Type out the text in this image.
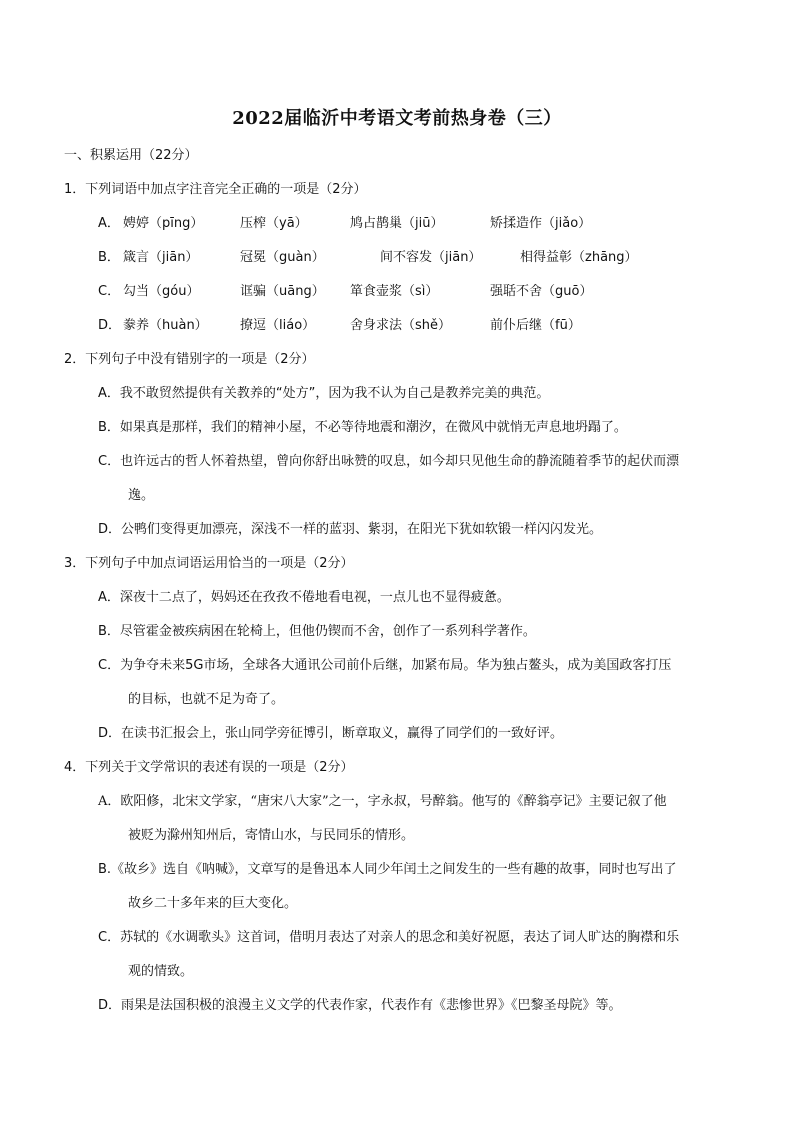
2022届临沂中考语文考前热身卷（三）
一、积累运用（22分）
1．下列词语中加点字注音完全正确的一项是（2分）
A． 娉婷（pīng）	压榨（yā）	鸠占鹊巢（jiū）	矫揉造作（jiǎo）
B． 箴言（jiān）	冠冕（guàn）	间不容发（jiān）	相得益彰（zhāng）
C． 勾当（góu）	诓骗（uāng） 箪食壶浆（sì）	强聒不舍（guō）
D． 豢养（huàn） 撩逗（liáo）	舍身求法（shě）	前仆后继（fū）
2．下列句子中没有错别字的一项是（2分）
A．我不敢贸然提供有关教养的“处方”，因为我不认为自己是教养完美的典范。
B．如果真是那样，我们的精神小屋，不必等待地震和潮汐，在微风中就悄无声息地坍蹋了。
C．也许远古的哲人怀着热望，曾向你舒出咏赞的叹息，如今却只见他生命的静流随着季节的起伏而漂
逸。
D．公鸭们变得更加漂亮，深浅不一样的蓝羽、紫羽，在阳光下犹如软锻一样闪闪发光。
3．下列句子中加点词语运用恰当的一项是（2分）
A．深夜十二点了，妈妈还在孜孜不倦地看电视，一点儿也不显得疲惫。
B．尽管霍金被疾病困在轮椅上，但他仍锲而不舍，创作了一系列科学著作。
C．为争夺未来5G市场，全球各大通讯公司前仆后继，加紧布局。华为独占鳌头，成为美国政客打压
的目标，也就不足为奇了。
D．在读书汇报会上，张山同学旁征博引，断章取义，赢得了同学们的一致好评。
4．下列关于文学常识的表述有误的一项是（2分）
A．欧阳修，北宋文学家，“唐宋八大家”之一，字永叔，号醉翁。他写的《醉翁亭记》主要记叙了他
被贬为滁州知州后，寄情山水，与民同乐的情形。
B.《故乡》选自《呐喊》，文章写的是鲁迅本人同少年闰土之间发生的一些有趣的故事，同时也写出了
故乡二十多年来的巨大变化。
C．苏轼的《水调歌头》这首词，借明月表达了对亲人的思念和美好祝愿，表达了词人旷达的胸襟和乐
观的情致。
D．雨果是法国积极的浪漫主义文学的代表作家，代表作有《悲惨世界》《巴黎圣母院》等。
